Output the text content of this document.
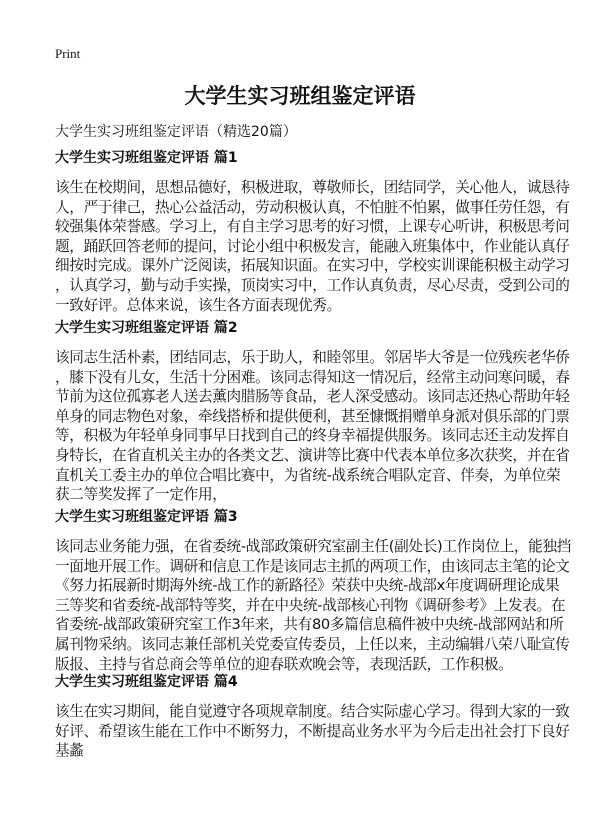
Print
大学生实习班组鉴定评语
大学生实习班组鉴定评语（精选20篇）
大学生实习班组鉴定评语 篇1
该生在校期间，思想品德好，积极进取，尊敬师长，团结同学，关心他人，诚恳待
人，严于律己，热心公益活动，劳动积极认真，不怕脏不怕累，做事任劳任怨，有
较强集体荣誉感。学习上，有自主学习思考的好习惯，上课专心听讲，积极思考问
题，踊跃回答老师的提问，讨论小组中积极发言，能融入班集体中，作业能认真仔
细按时完成。课外广泛阅读，拓展知识面。在实习中，学校实训课能积极主动学习
，认真学习，勤与动手实操，顶岗实习中，工作认真负责，尽心尽责，受到公司的
一致好评。总体来说，该生各方面表现优秀。
大学生实习班组鉴定评语 篇2
该同志生活朴素，团结同志，乐于助人，和睦邻里。邻居毕大爷是一位残疾老华侨
，膝下没有儿女，生活十分困难。该同志得知这一情况后，经常主动问寒问暖，春
节前为这位孤寡老人送去薰肉腊肠等食品，老人深受感动。该同志还热心帮助年轻
单身的同志物色对象，牵线搭桥和提供便利，甚至慷慨捐赠单身派对俱乐部的门票
等，积极为年轻单身同事早日找到自己的终身幸福提供服务。该同志还主动发挥自
身特长，在省直机关主办的各类文艺、演讲等比赛中代表本单位多次获奖，并在省
直机关工委主办的单位合唱比赛中，为省统-战系统合唱队定音、伴奏，为单位荣
获二等奖发挥了一定作用，
大学生实习班组鉴定评语 篇3
该同志业务能力强，在省委统-战部政策研究室副主任(副处长)工作岗位上，能独挡
一面地开展工作。调研和信息工作是该同志主抓的两项工作，由该同志主笔的论文
《努力拓展新时期海外统-战工作的新路径》荣获中央统-战部x年度调研理论成果
三等奖和省委统-战部特等奖，并在中央统-战部核心刊物《调研参考》上发表。在
省委统-战部政策研究室工作3年来，共有80多篇信息稿件被中央统-战部网站和所
属刊物采纳。该同志兼任部机关党委宣传委员，上任以来，主动编辑八荣八耻宣传
版报、主持与省总商会等单位的迎春联欢晚会等，表现活跃，工作积极。
大学生实习班组鉴定评语 篇4
该生在实习期间，能自觉遵守各项规章制度。结合实际虚心学习。得到大家的一致
好评、希望该生能在工作中不断努力，不断提高业务水平为今后走出社会打下良好
基蠡
